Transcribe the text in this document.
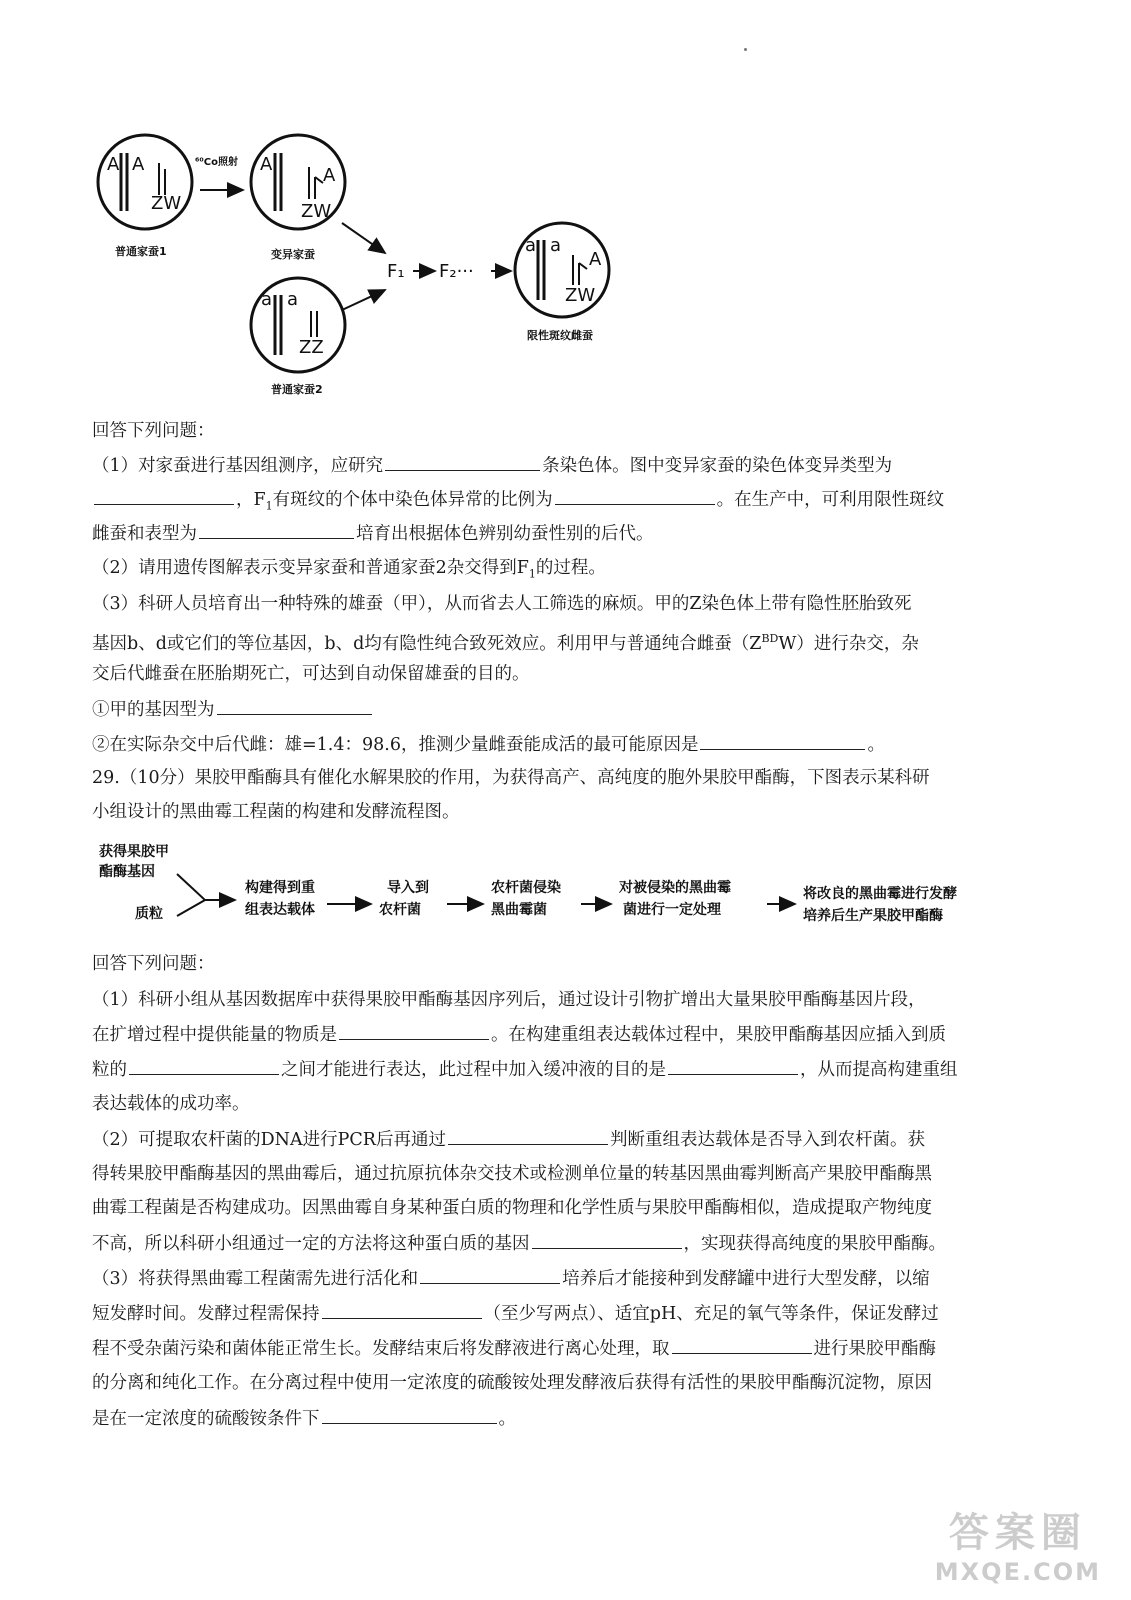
A A
ZW
普通家蚕1
⁶⁰Co照射 A
A
ZW
变异家蚕
a a
ZZ
普通家蚕2
F₁ F₂···
a a
A
ZW
限性斑纹雌蚕
回答下列问题：
（1）对家蚕进行基因组测序，应研究	条染色体。图中变异家蚕的染色体变异类型为
，$F_1$有斑纹的个体中染色体异常的比例为	。在生产中，可利用限性斑纹
雌蚕和表型为	培育出根据体色辨别幼蚕性别的后代。
（2）请用遗传图解表示变异家蚕和普通家蚕2杂交得到$F_1$的过程。
（3）科研人员培育出一种特殊的雄蚕（甲），从而省去人工筛选的麻烦。甲的Z染色体上带有隐性胚胎致死
基因b、d或它们的等位基因，b、d均有隐性纯合致死效应。利用甲与普通纯合雌蚕$(Z^{BD}W)$进行杂交，杂
交后代雌蚕在胚胎期死亡，可达到自动保留雄蚕的目的。
①甲的基因型为
②在实际杂交中后代雌：雄=1.4：98.6，推测少量雌蚕能成活的最可能原因是	。
29.（10分）果胶甲酯酶具有催化水解果胶的作用，为获得高产、高纯度的胞外果胶甲酯酶，下图表示某科研
小组设计的黑曲霉工程菌的构建和发酵流程图。
获得果胶甲
酯酶基因
质粒
构建得到重
组表达载体
导入到
农杆菌
农杆菌侵染
黑曲霉菌
对被侵染的黑曲霉
菌进行一定处理
将改良的黑曲霉进行发酵
培养后生产果胶甲酯酶
回答下列问题：
（1）科研小组从基因数据库中获得果胶甲酯酶基因序列后，通过设计引物扩增出大量果胶甲酯酶基因片段，
在扩增过程中提供能量的物质是	。在构建重组表达载体过程中，果胶甲酯酶基因应插入到质
粒的	之间才能进行表达，此过程中加入缓冲液的目的是	，从而提高构建重组
表达载体的成功率。
（2）可提取农杆菌的DNA进行PCR后再通过	判断重组表达载体是否导入到农杆菌。获
得转果胶甲酯酶基因的黑曲霉后，通过抗原抗体杂交技术或检测单位量的转基因黑曲霉判断高产果胶甲酯酶黑
曲霉工程菌是否构建成功。因黑曲霉自身某种蛋白质的物理和化学性质与果胶甲酯酶相似，造成提取产物纯度
不高，所以科研小组通过一定的方法将这种蛋白质的基因	，实现获得高纯度的果胶甲酯酶。
（3）将获得黑曲霉工程菌需先进行活化和	培养后才能接种到发酵罐中进行大型发酵，以缩
短发酵时间。发酵过程需保持	（至少写两点）、适宜pH、充足的氧气等条件，保证发酵过
程不受杂菌污染和菌体能正常生长。发酵结束后将发酵液进行离心处理，取	进行果胶甲酯酶
的分离和纯化工作。在分离过程中使用一定浓度的硫酸铵处理发酵液后获得有活性的果胶甲酯酶沉淀物，原因
是在一定浓度的硫酸铵条件下	。
答案圈
MXQE.COM
